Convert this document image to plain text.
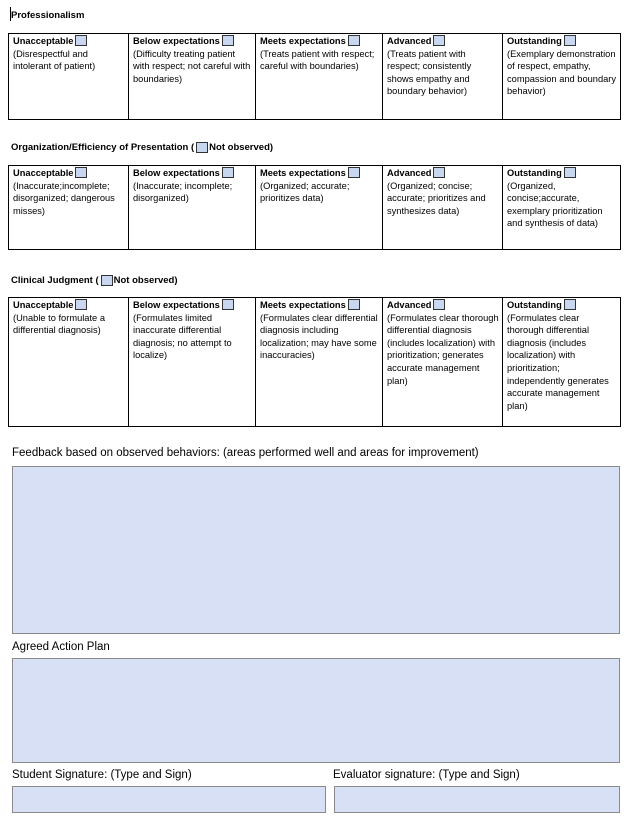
Professionalism
Unacceptable
(Disrespectful and intolerant of patient)
	Below expectations
(Difficulty treating patient with respect; not careful with boundaries)
	Meets expectations
(Treats patient with respect; careful with boundaries)
	Advanced
(Treats patient with respect; consistently shows empathy and boundary behavior)
	Outstanding
(Exemplary demonstration of respect, empathy, compassion and boundary behavior)
Organization/Efficiency of Presentation ( Not observed)
Unacceptable
(Inaccurate;incomplete; disorganized; dangerous misses)
	Below expectations
(Inaccurate; incomplete; disorganized)
	Meets expectations
(Organized; accurate; prioritizes data)
	Advanced
(Organized; concise; accurate; prioritizes and synthesizes data)
	Outstanding
(Organized, concise;accurate, exemplary prioritization and synthesis of data)
Clinical Judgment ( Not observed)
Unacceptable
(Unable to formulate a differential diagnosis)
	Below expectations
(Formulates limited inaccurate differential diagnosis; no attempt to localize)
	Meets expectations
(Formulates clear differential diagnosis including localization; may have some inaccuracies)
	Advanced
(Formulates clear thorough differential diagnosis (includes localization) with prioritization; generates accurate management plan)
	Outstanding
(Formulates clear thorough differential diagnosis (includes localization) with prioritization; independently generates accurate management plan)
Feedback based on observed behaviors: (areas performed well and areas for improvement)
Agreed Action Plan
Student Signature: (Type and Sign)	Evaluator signature: (Type and Sign)
